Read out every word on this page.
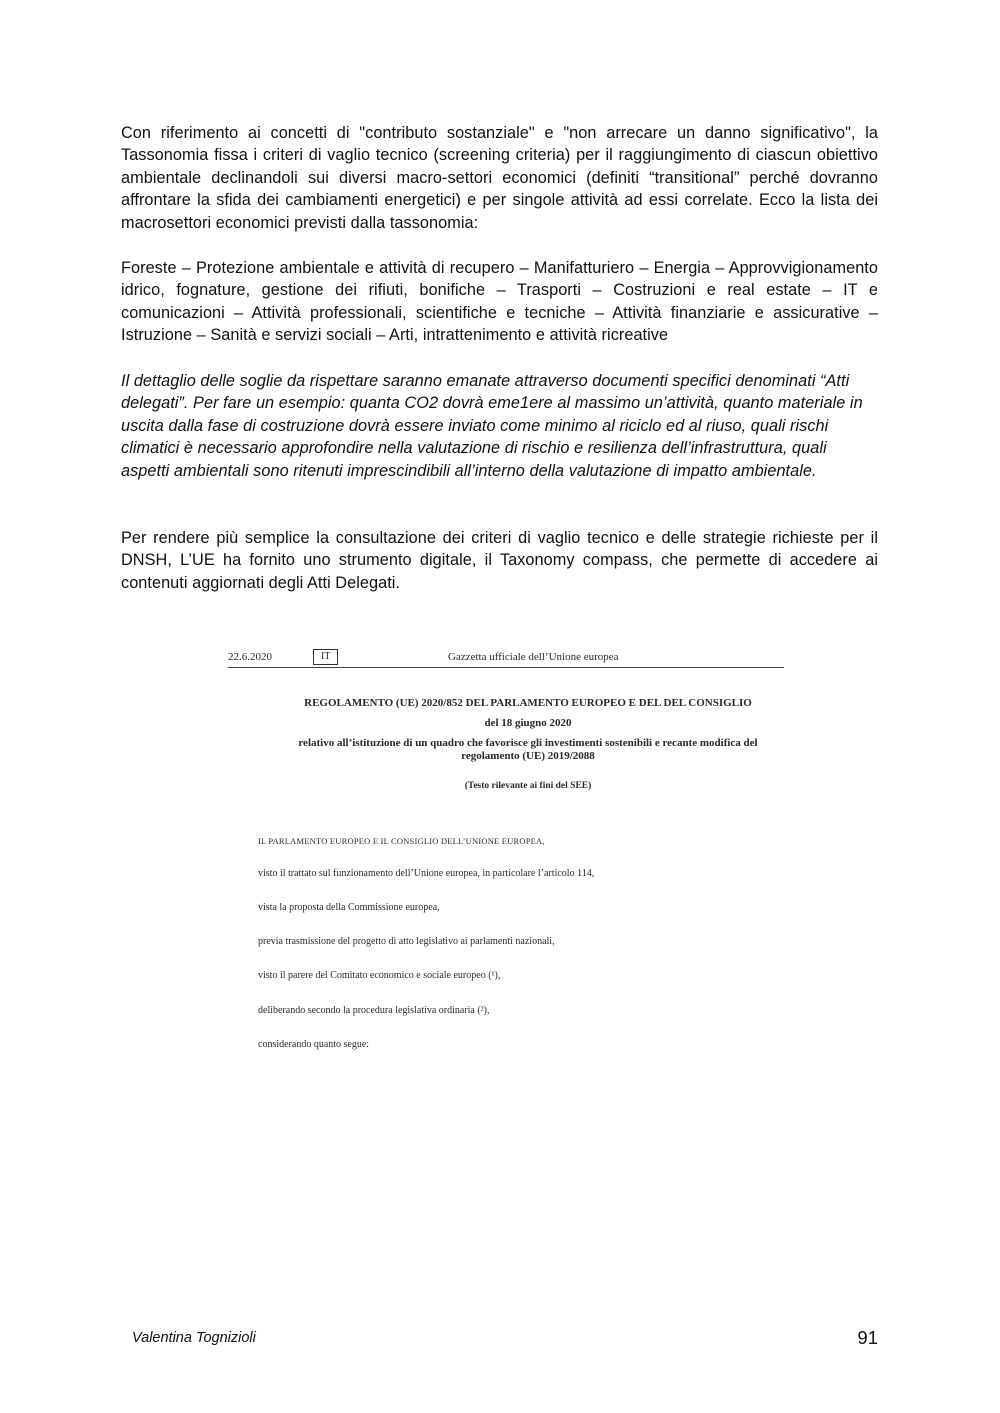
Con riferimento ai concetti di "contributo sostanziale" e "non arrecare un danno significativo", la Tassonomia fissa i criteri di vaglio tecnico (screening criteria) per il raggiungimento di ciascun obiettivo ambientale declinandoli sui diversi macro-settori economici (definiti “transitional” perché dovranno affrontare la sfida dei cambiamenti energetici) e per singole attività ad essi correlate. Ecco la lista dei macrosettori economici previsti dalla tassonomia:

Foreste – Protezione ambientale e attività di recupero – Manifatturiero – Energia – Approvvigionamento idrico, fognature, gestione dei rifiuti, bonifiche – Trasporti – Costruzioni e real estate – IT e comunicazioni – Attività professionali, scientifiche e tecniche – Attività finanziarie e assicurative – Istruzione – Sanità e servizi sociali – Arti, intrattenimento e attività ricreative

Il dettaglio delle soglie da rispettare saranno emanate attraverso documenti specifici denominati “Atti delegati”. Per fare un esempio: quanta CO2 dovrà eme1ere al massimo un’attività, quanto materiale in uscita dalla fase di costruzione dovrà essere inviato come minimo al riciclo ed al riuso, quali rischi climatici è necessario approfondire nella valutazione di rischio e resilienza dell’infrastruttura, quali aspetti ambientali sono ritenuti imprescindibili all’interno della valutazione di impatto ambientale.

Per rendere più semplice la consultazione dei criteri di vaglio tecnico e delle strategie richieste per il DNSH, L’UE ha fornito uno strumento digitale, il Taxonomy compass, che permette di accedere ai contenuti aggiornati degli Atti Delegati.

22.6.2020	IT	Gazzetta ufficiale dell’Unione europea
REGOLAMENTO (UE) 2020/852 DEL PARLAMENTO EUROPEO E DEL DEL CONSIGLIO
del 18 giugno 2020
relativo all’istituzione di un quadro che favorisce gli investimenti sostenibili e recante modifica del regolamento (UE) 2019/2088
(Testo rilevante ai fini del SEE)
IL PARLAMENTO EUROPEO E IL CONSIGLIO DELL’UNIONE EUROPEA,
visto il trattato sul funzionamento dell’Unione europea, in particolare l’articolo 114,
vista la proposta della Commissione europea,
previa trasmissione del progetto di atto legislativo ai parlamenti nazionali,
visto il parere del Comitato economico e sociale europeo (¹),
deliberando secondo la procedura legislativa ordinaria (²),
considerando quanto segue:
Valentina Tognizioli	91
